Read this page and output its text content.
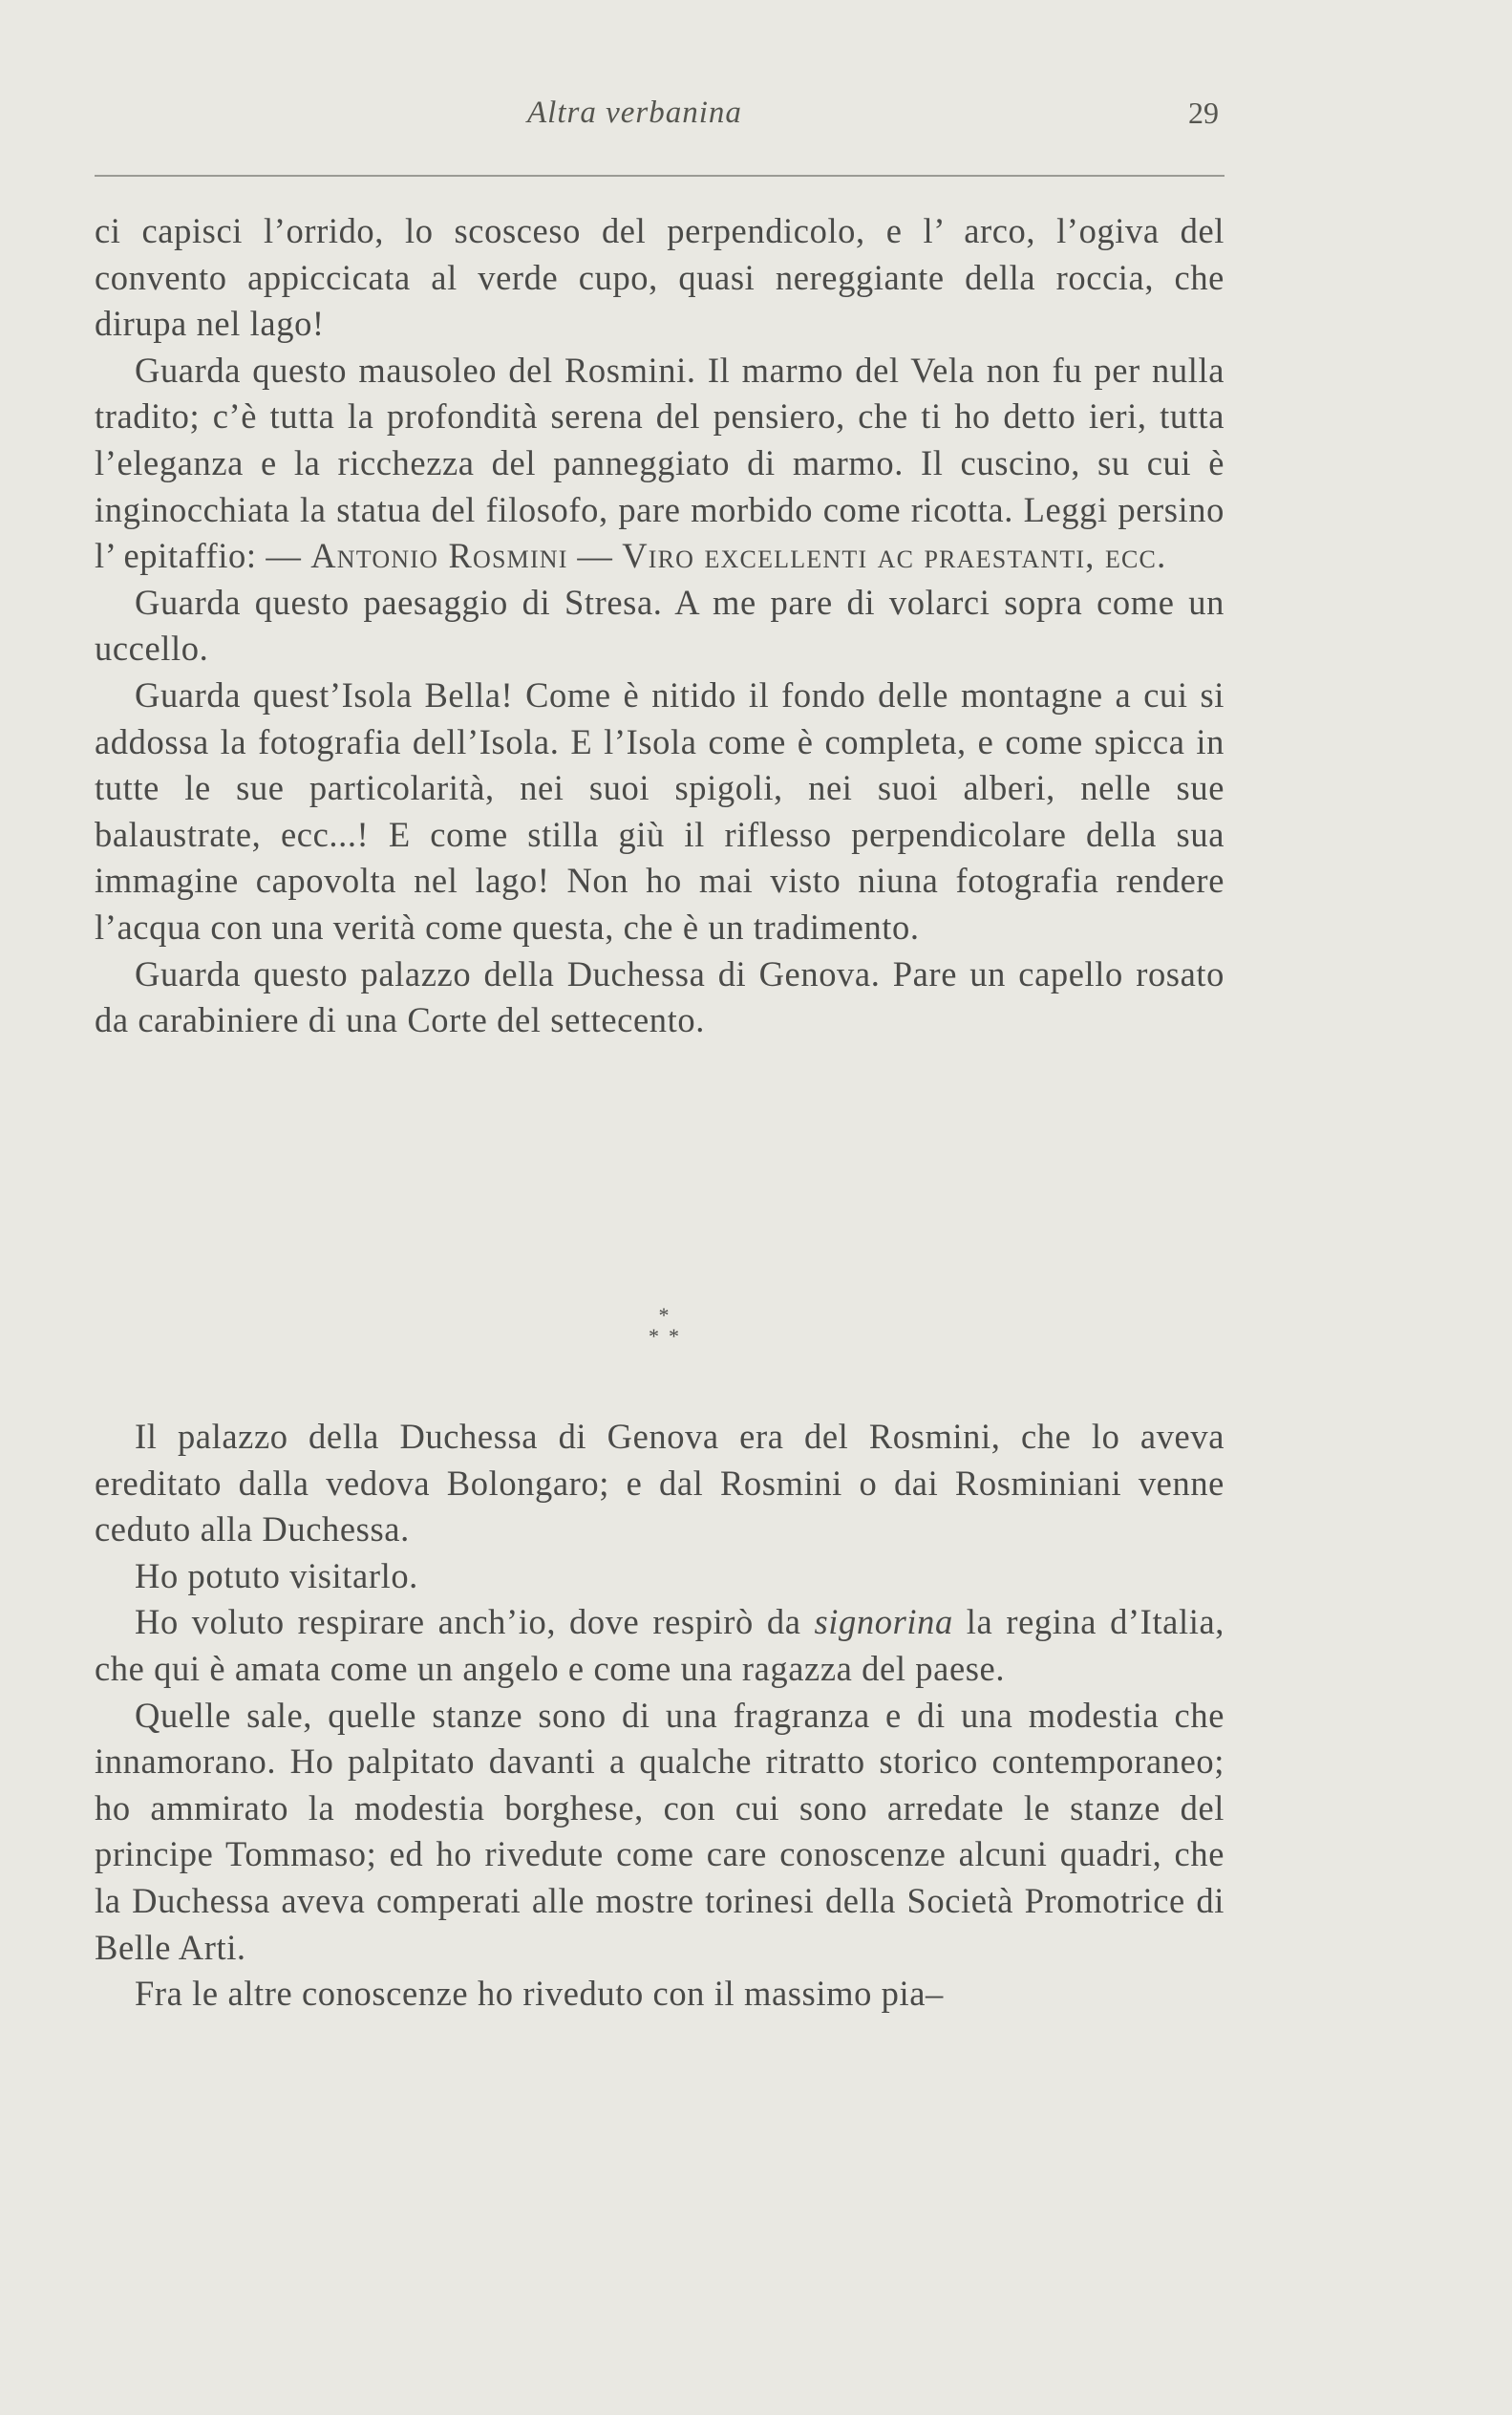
Altra verbanina	29

ci capisci l’orrido, lo scosceso del perpendicolo, e l’ arco, l’ogiva del convento appiccicata al verde cupo, quasi nereggiante della roccia, che dirupa nel lago!

Guarda questo mausoleo del Rosmini. Il marmo del Vela non fu per nulla tradito; c’è tutta la profondità serena del pensiero, che ti ho detto ieri, tutta l’eleganza e la ricchezza del panneggiato di marmo. Il cuscino, su cui è inginocchiata la statua del filosofo, pare morbido come ricotta. Leggi persino l’ epitaffio: — Antonio Rosmini — Viro excellenti ac praestanti, ecc.

Guarda questo paesaggio di Stresa. A me pare di volarci sopra come un uccello.

Guarda quest’Isola Bella! Come è nitido il fondo delle montagne a cui si addossa la fotografia dell’Isola. E l’Isola come è completa, e come spicca in tutte le sue particolarità, nei suoi spigoli, nei suoi alberi, nelle sue balaustrate, ecc...! E come stilla giù il riflesso perpendicolare della sua immagine capovolta nel lago! Non ho mai visto niuna fotografia rendere l’acqua con una verità come questa, che è un tradimento.

Guarda questo palazzo della Duchessa di Genova. Pare un capello rosato da carabiniere di una Corte del settecento.

*
* *

Il palazzo della Duchessa di Genova era del Rosmini, che lo aveva ereditato dalla vedova Bolongaro; e dal Rosmini o dai Rosminiani venne ceduto alla Duchessa.

Ho potuto visitarlo.

Ho voluto respirare anch’io, dove respirò da signorina la regina d’Italia, che qui è amata come un angelo e come una ragazza del paese.

Quelle sale, quelle stanze sono di una fragranza e di una modestia che innamorano. Ho palpitato davanti a qualche ritratto storico contemporaneo; ho ammirato la modestia borghese, con cui sono arredate le stanze del principe Tommaso; ed ho rivedute come care conoscenze alcuni quadri, che la Duchessa aveva comperati alle mostre torinesi della Società Promotrice di Belle Arti.

Fra le altre conoscenze ho riveduto con il massimo pia–
